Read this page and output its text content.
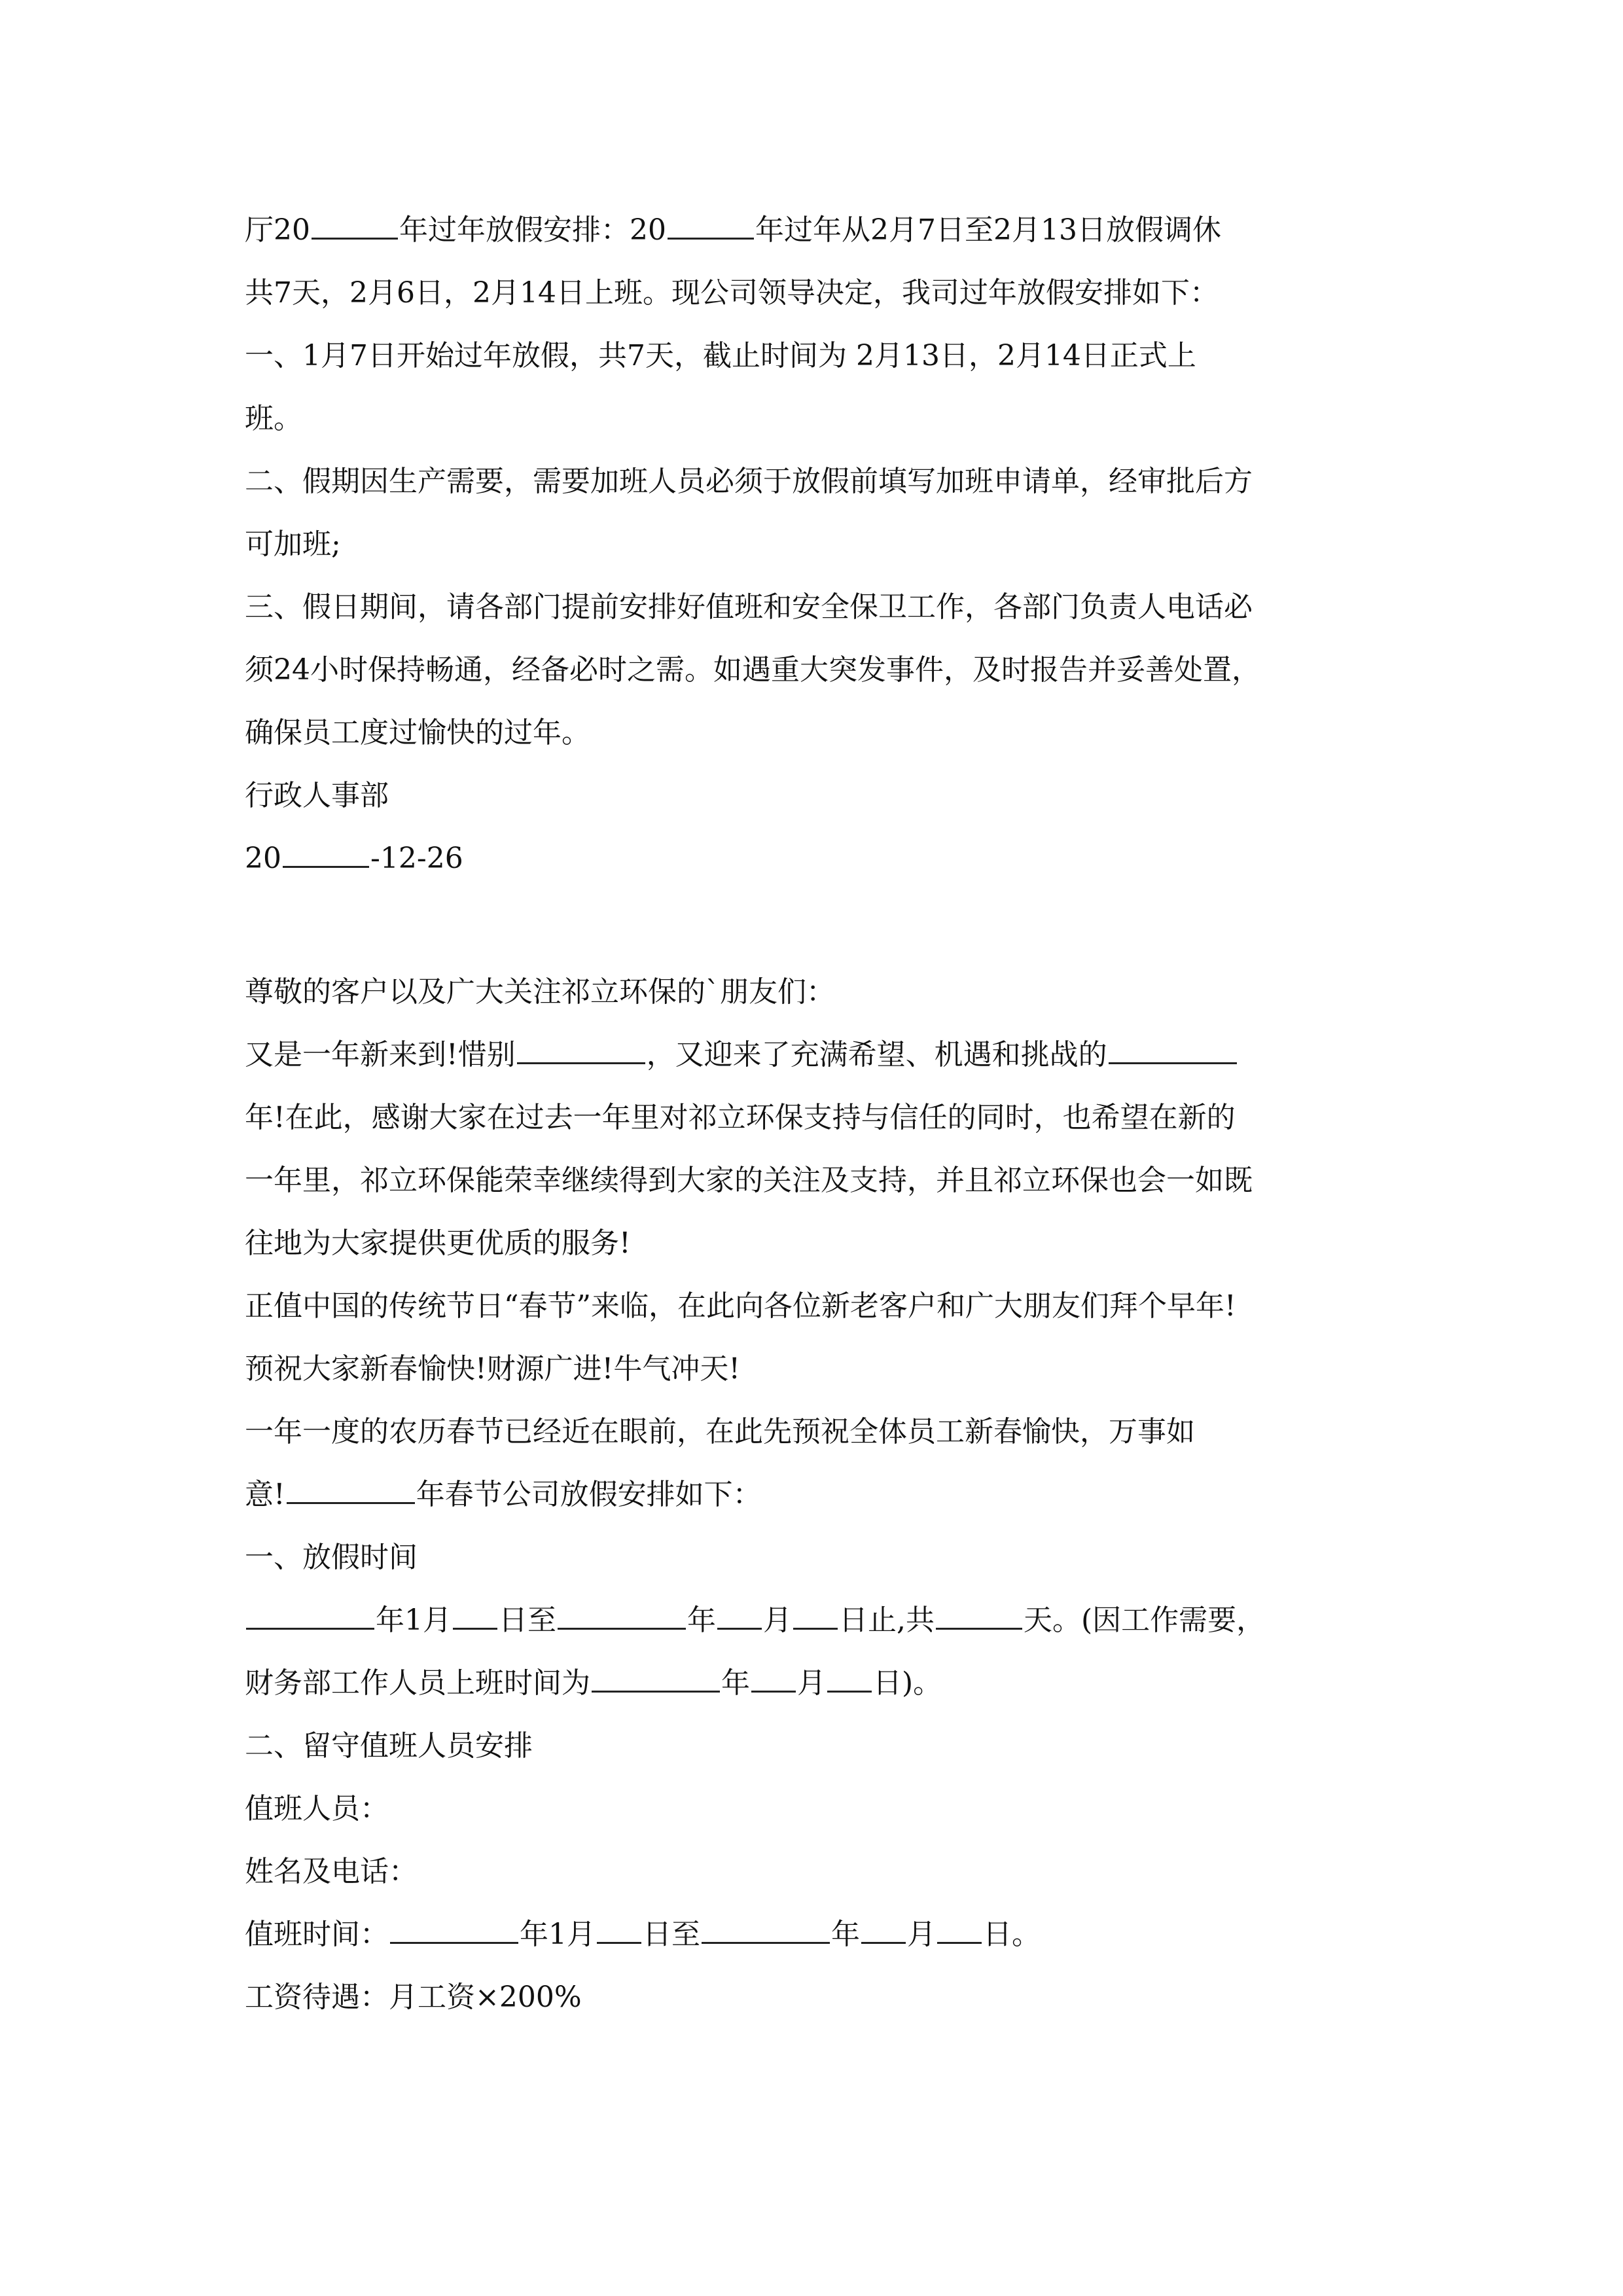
厅20	年过年放假安排：20	年过年从2月7日至2月13日放假调休
共7天，2月6日，2月14日上班。现公司领导决定，我司过年放假安排如下：
一、1月7日开始过年放假，共7天，截止时间为 2月13日，2月14日正式上
班。
二、假期因生产需要，需要加班人员必须于放假前填写加班申请单，经审批后方
可加班;
三、假日期间，请各部门提前安排好值班和安全保卫工作，各部门负责人电话必
须24小时保持畅通，经备必时之需。如遇重大突发事件，及时报告并妥善处置，
确保员工度过愉快的过年。
行政人事部
20	-12-26
尊敬的客户以及广大关注祁立环保的`朋友们：
又是一年新来到!惜别	，又迎来了充满希望、机遇和挑战的
年!在此，感谢大家在过去一年里对祁立环保支持与信任的同时，也希望在新的
一年里，祁立环保能荣幸继续得到大家的关注及支持，并且祁立环保也会一如既
往地为大家提供更优质的服务!
正值中国的传统节日“春节”来临，在此向各位新老客户和广大朋友们拜个早年!
预祝大家新春愉快!财源广进!牛气冲天!
一年一度的农历春节已经近在眼前，在此先预祝全体员工新春愉快，万事如
意!	年春节公司放假安排如下：
一、放假时间
年1月 日至	年 月 日止,共	天。(因工作需要，
财务部工作人员上班时间为	年 月 日)。
二、留守值班人员安排
值班人员：
姓名及电话：
值班时间：	年1月 日至	年 月 日。
工资待遇：月工资×200%
